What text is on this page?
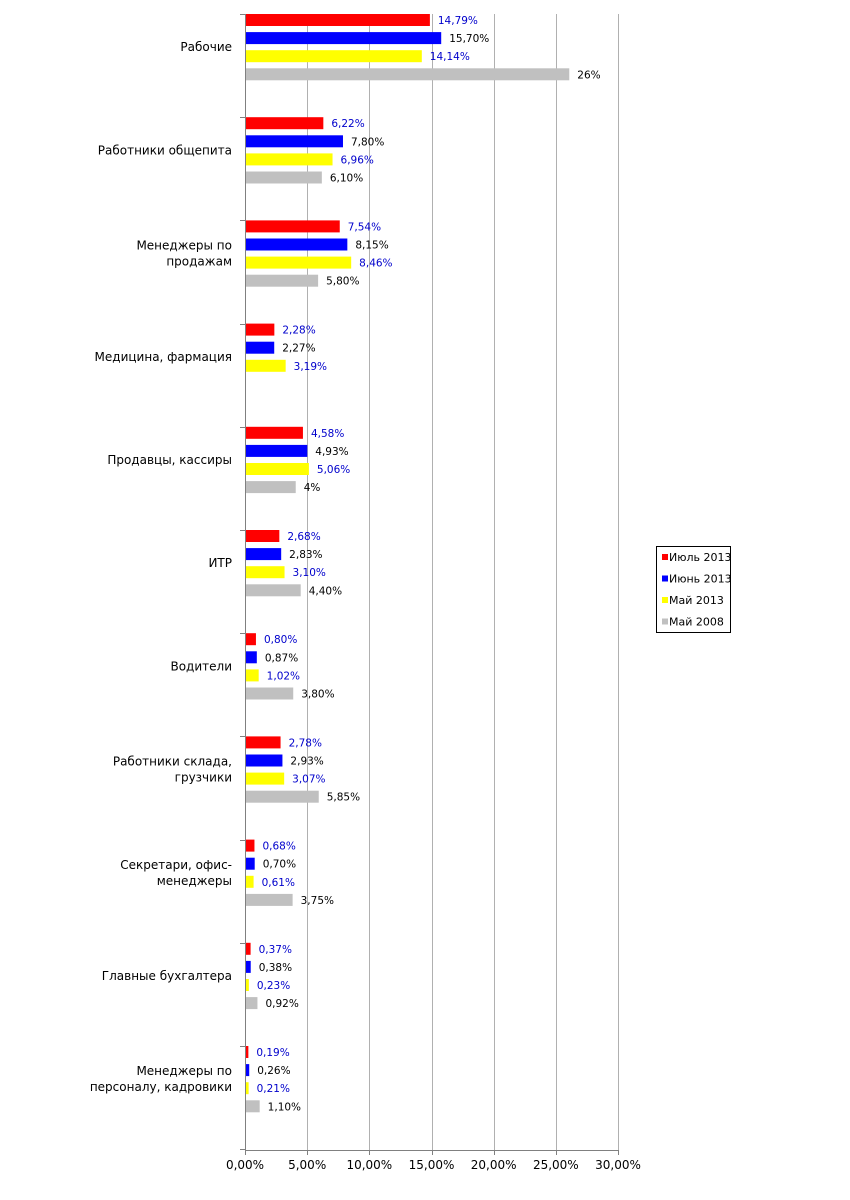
14,79%
15,70%
14,14%
26%
6,22%
7,80%
6,96%
6,10%
7,54%
8,15%
8,46%
5,80%
2,28%
2,27%
3,19%
4,58%
4,93%
5,06%
4%
2,68%
2,83%
3,10%
4,40%
0,80%
0,87%
1,02%
3,80%
2,78%
2,93%
3,07%
5,85%
0,68%
0,70%
0,61%
3,75%
0,37%
0,38%
0,23%
0,92%
0,19%
0,26%
0,21%
1,10%
0,00% 5,00% 10,00% 15,00% 20,00% 25,00% 30,00%
Рабочие
Работники общепита
Менеджеры по
продажам
Медицина, фармация
Продавцы, кассиры
ИТР
Водители
Работники склада,
грузчики
Секретари, офис-
менеджеры
Главные бухгалтера
Менеджеры по
персоналу, кадровики
Июль 2013
Июнь 2013
Май 2013
Май 2008
